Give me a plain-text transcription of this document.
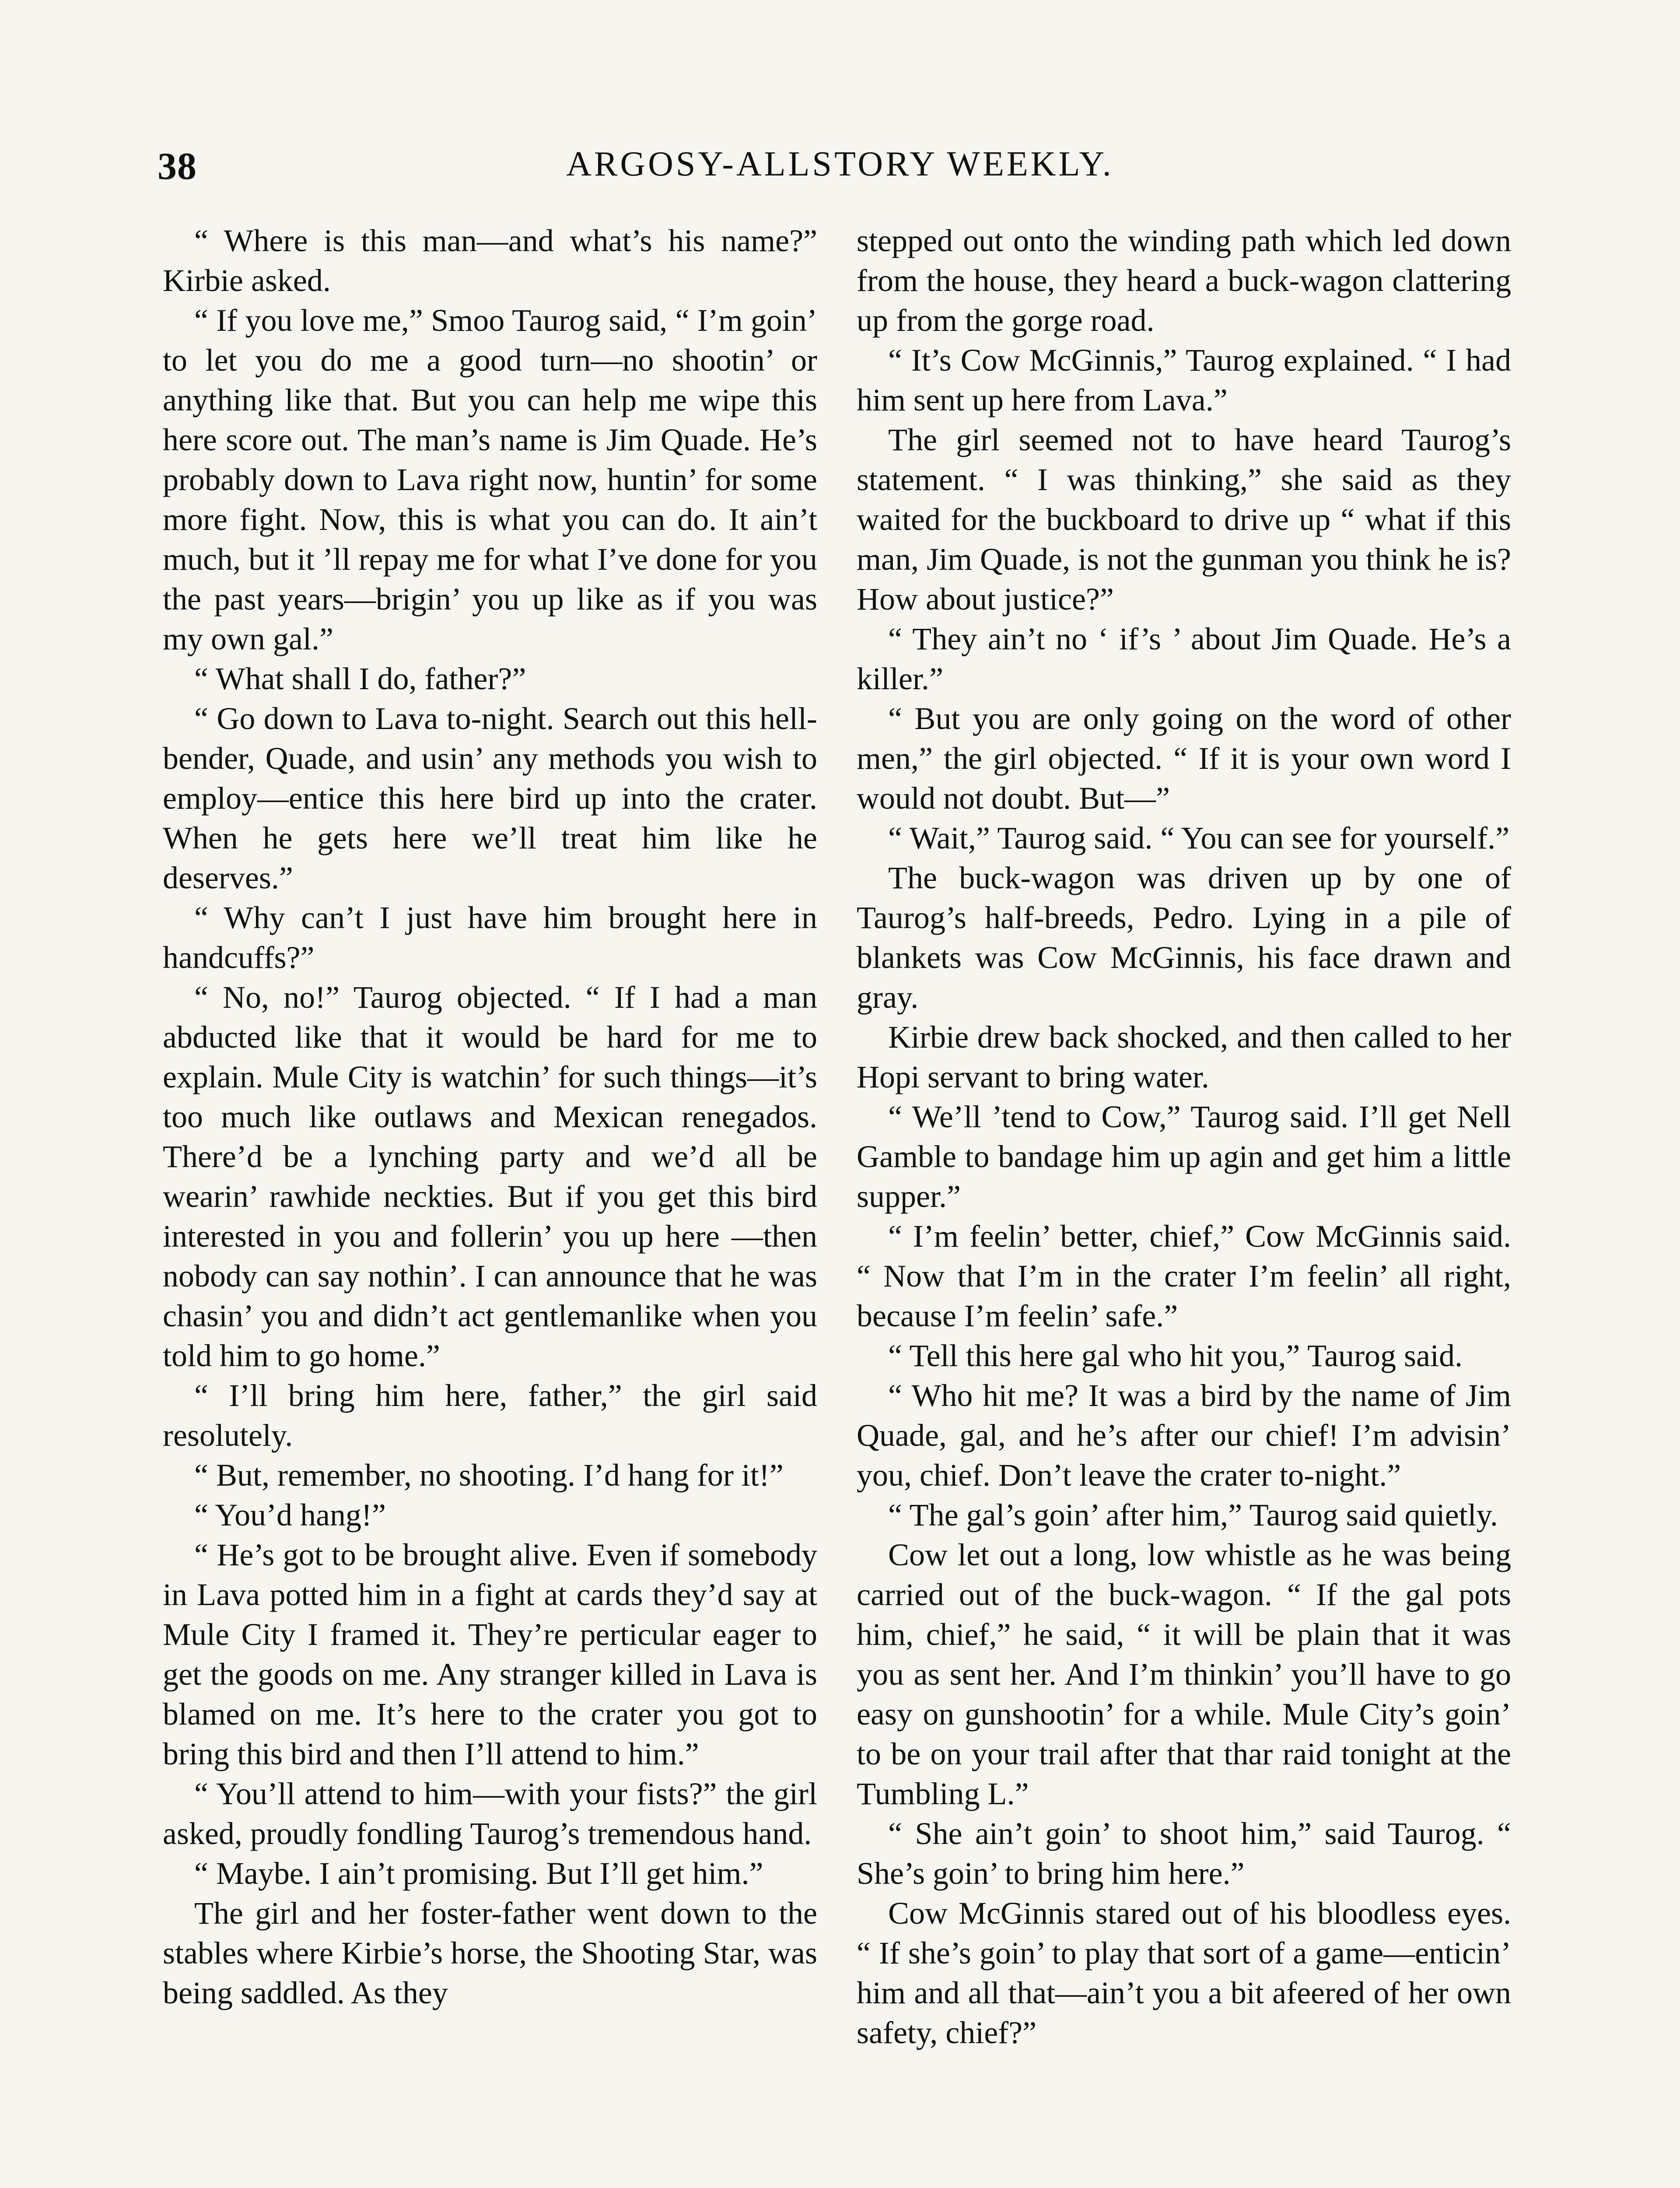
38	ARGOSY-ALLSTORY WEEKLY.

“ Where is this man—and what’s his name?” Kirbie asked.

“ If you love me,” Smoo Taurog said, “ I’m goin’ to let you do me a good turn—no shootin’ or anything like that. But you can help me wipe this here score out. The man’s name is Jim Quade. He’s probably down to Lava right now, huntin’ for some more fight. Now, this is what you can do. It ain’t much, but it ’ll repay me for what I’ve done for you the past years—brigin’ you up like as if you was my own gal.”

“ What shall I do, father?”

“ Go down to Lava to-night. Search out this hell-bender, Quade, and usin’ any methods you wish to employ—entice this here bird up into the crater. When he gets here we’ll treat him like he deserves.”

“ Why can’t I just have him brought here in handcuffs?”

“ No, no!” Taurog objected. “ If I had a man abducted like that it would be hard for me to explain. Mule City is watchin’ for such things—it’s too much like outlaws and Mexican renegados. There’d be a lynching party and we’d all be wearin’ rawhide neckties. But if you get this bird interested in you and follerin’ you up here —then nobody can say nothin’. I can announce that he was chasin’ you and didn’t act gentlemanlike when you told him to go home.”

“ I’ll bring him here, father,” the girl said resolutely.

“ But, remember, no shooting. I’d hang for it!”

“ You’d hang!”

“ He’s got to be brought alive. Even if somebody in Lava potted him in a fight at cards they’d say at Mule City I framed it. They’re perticular eager to get the goods on me. Any stranger killed in Lava is blamed on me. It’s here to the crater you got to bring this bird and then I’ll attend to him.”

“ You’ll attend to him—with your fists?” the girl asked, proudly fondling Taurog’s tremendous hand.

“ Maybe. I ain’t promising. But I’ll get him.”

The girl and her foster-father went down to the stables where Kirbie’s horse, the Shooting Star, was being saddled. As they

stepped out onto the winding path which led down from the house, they heard a buck-wagon clattering up from the gorge road.

“ It’s Cow McGinnis,” Taurog explained. “ I had him sent up here from Lava.”

The girl seemed not to have heard Taurog’s statement. “ I was thinking,” she said as they waited for the buckboard to drive up “ what if this man, Jim Quade, is not the gunman you think he is? How about justice?”

“ They ain’t no ‘ if’s ’ about Jim Quade. He’s a killer.”

“ But you are only going on the word of other men,” the girl objected. “ If it is your own word I would not doubt. But—”

“ Wait,” Taurog said. “ You can see for yourself.”

The buck-wagon was driven up by one of Taurog’s half-breeds, Pedro. Lying in a pile of blankets was Cow McGinnis, his face drawn and gray.

Kirbie drew back shocked, and then called to her Hopi servant to bring water.

“ We’ll ’tend to Cow,” Taurog said. I’ll get Nell Gamble to bandage him up agin and get him a little supper.”

“ I’m feelin’ better, chief,” Cow McGinnis said. “ Now that I’m in the crater I’m feelin’ all right, because I’m feelin’ safe.”

“ Tell this here gal who hit you,” Taurog said.

“ Who hit me? It was a bird by the name of Jim Quade, gal, and he’s after our chief! I’m advisin’ you, chief. Don’t leave the crater to-night.”

“ The gal’s goin’ after him,” Taurog said quietly.

Cow let out a long, low whistle as he was being carried out of the buck-wagon. “ If the gal pots him, chief,” he said, “ it will be plain that it was you as sent her. And I’m thinkin’ you’ll have to go easy on gunshootin’ for a while. Mule City’s goin’ to be on your trail after that thar raid tonight at the Tumbling L.”

“ She ain’t goin’ to shoot him,” said Taurog. “ She’s goin’ to bring him here.”

Cow McGinnis stared out of his bloodless eyes. “ If she’s goin’ to play that sort of a game—enticin’ him and all that—ain’t you a bit afeered of her own safety, chief?”
